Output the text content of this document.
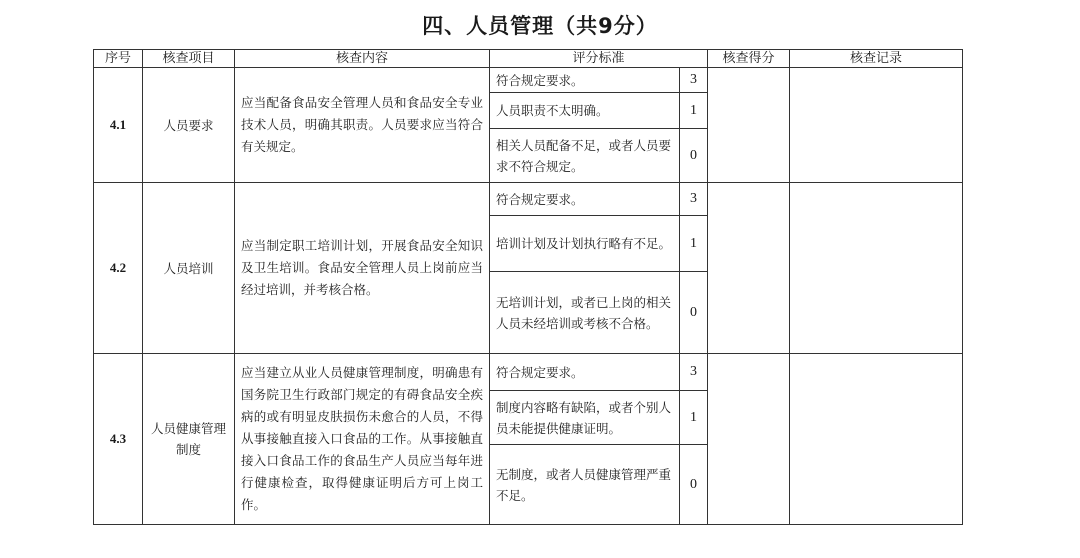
四、人员管理（共9分）
序号	核查项目	核查内容	评分标准		核查得分	核查记录
4.1	人员要求	应当配备食品安全管理人员和食品安全专业技术人员，明确其职责。人员要求应当符合有关规定。	符合规定要求。	3		
			人员职责不太明确。	1		
			相关人员配备不足，或者人员要求不符合规定。	0		
4.2	人员培训	应当制定职工培训计划，开展食品安全知识及卫生培训。食品安全管理人员上岗前应当经过培训，并考核合格。	符合规定要求。	3		
			培训计划及计划执行略有不足。	1		
			无培训计划，或者已上岗的相关人员未经培训或考核不合格。	0		
4.3	人员健康管理制度	应当建立从业人员健康管理制度，明确患有国务院卫生行政部门规定的有碍食品安全疾病的或有明显皮肤损伤未愈合的人员，不得从事接触直接入口食品的工作。从事接触直接入口食品工作的食品生产人员应当每年进行健康检查，取得健康证明后方可上岗工作。	符合规定要求。	3		
			制度内容略有缺陷，或者个别人员未能提供健康证明。	1		
			无制度，或者人员健康管理严重不足。	0		
